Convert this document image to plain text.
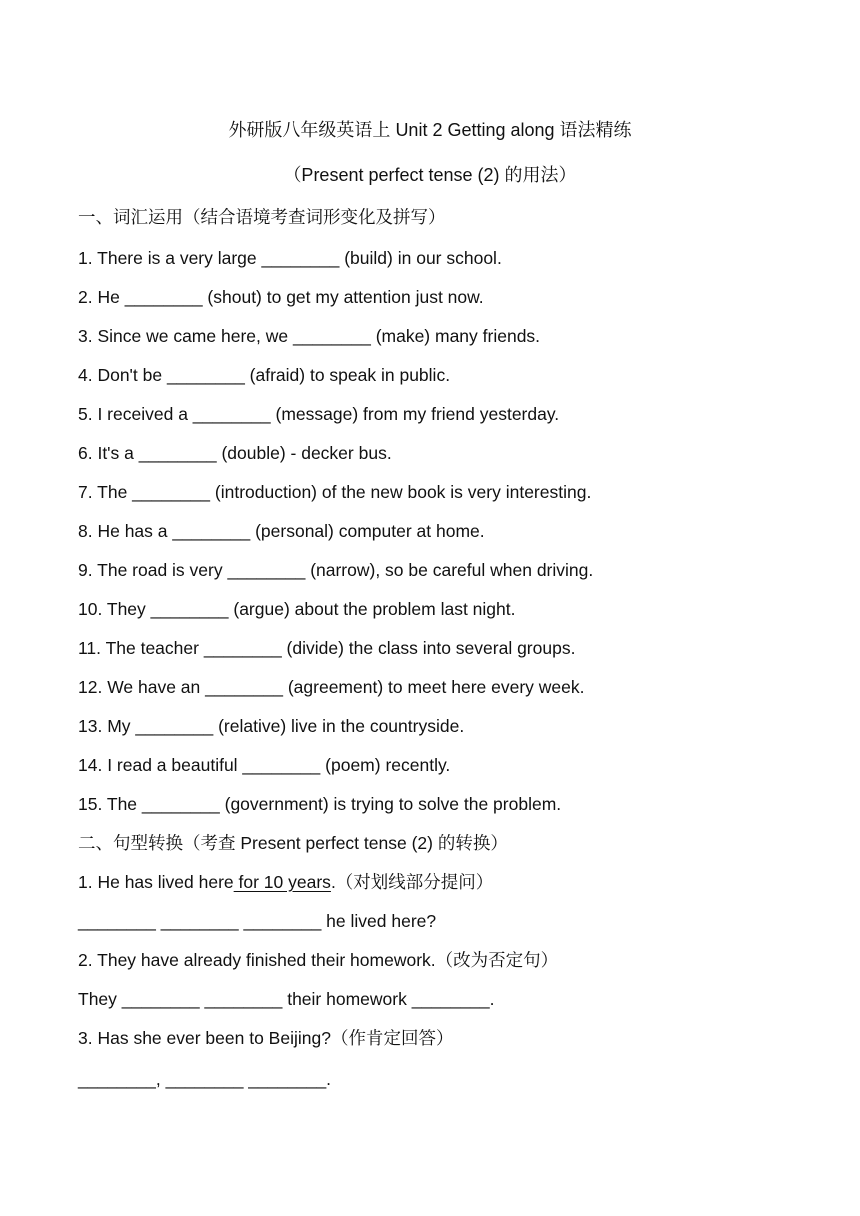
外研版八年级英语上 Unit 2 Getting along 语法精练
（Present perfect tense (2) 的用法）
一、词汇运用（结合语境考查词形变化及拼写）
1. There is a very large ________ (build) in our school.
2. He ________ (shout) to get my attention just now.
3. Since we came here, we ________ (make) many friends.
4. Don't be ________ (afraid) to speak in public.
5. I received a ________ (message) from my friend yesterday.
6. It's a ________ (double) - decker bus.
7. The ________ (introduction) of the new book is very interesting.
8. He has a ________ (personal) computer at home.
9. The road is very ________ (narrow), so be careful when driving.
10. They ________ (argue) about the problem last night.
11. The teacher ________ (divide) the class into several groups.
12. We have an ________ (agreement) to meet here every week.
13. My ________ (relative) live in the countryside.
14. I read a beautiful ________ (poem) recently.
15. The ________ (government) is trying to solve the problem.
二、句型转换（考查 Present perfect tense (2) 的转换）
1. He has lived here for 10 years.（对划线部分提问）
________ ________ ________ he lived here?
2. They have already finished their homework.（改为否定句）
They ________ ________ their homework ________.
3. Has she ever been to Beijing?（作肯定回答）
________, ________ ________.
